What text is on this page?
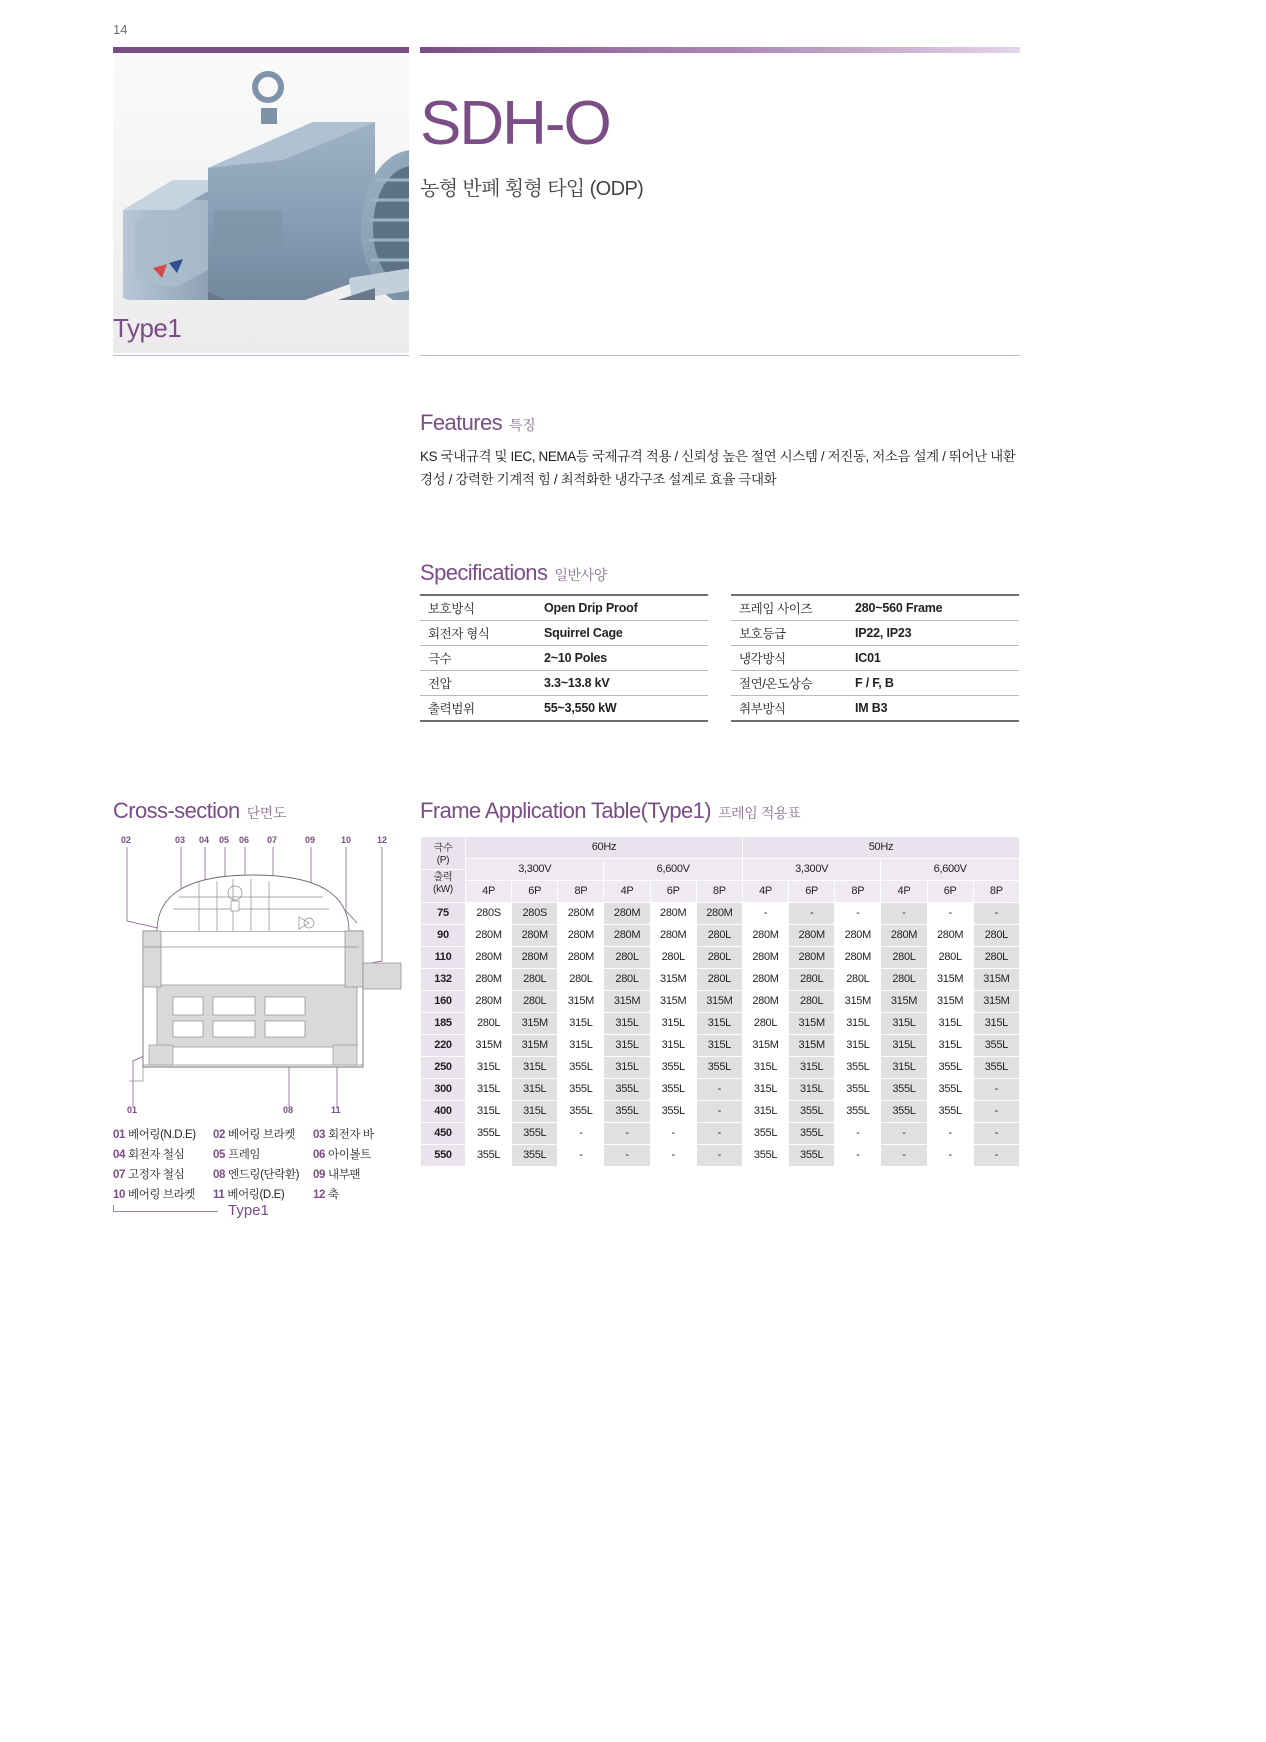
14
Type1
SDH-O
농형 반폐 횡형 타입 (ODP)
Features 특징
KS 국내규격 및 IEC, NEMA등 국제규격 적용 / 신뢰성 높은 절연 시스템 / 저진동, 저소음 설계 / 뛰어난 내환경성 / 강력한 기계적 힘 / 최적화한 냉각구조 설계로 효율 극대화
Specifications 일반사양
보호방식	Open Drip Proof
회전자 형식	Squirrel Cage
극수	2~10 Poles
전압	3.3~13.8 kV
출력범위	55~3,550 kW
프레임 사이즈	280~560 Frame
보호등급	IP22, IP23
냉각방식	IC01
절연/온도상승	F / F, B
취부방식	IM B3
Cross-section 단면도
02	03 04 05 06 07	09	10	12
01	08	11
01 베어링(N.D.E)	02 베어링 브라켓	03 회전자 바
04 회전자 철심	05 프레임	06 아이볼트
07 고정자 철심	08 엔드링(단락환)	09 내부팬
10 베어링 브라켓	11 베어링(D.E)	12 축
Type1
Frame Application Table(Type1) 프레임 적용표
극수
(P)
출력
(kW)	60Hz						50Hz					
	3,300V			6,600V			3,300V			6,600V		
	4P	6P	8P	4P	6P	8P	4P	6P	8P	4P	6P	8P
75	280S	280S	280M	280M	280M	280M	-	-	-	-	-	-
90	280M	280M	280M	280M	280M	280L	280M	280M	280M	280M	280M	280L
110	280M	280M	280M	280L	280L	280L	280M	280M	280M	280L	280L	280L
132	280M	280L	280L	280L	315M	280L	280M	280L	280L	280L	315M	315M
160	280M	280L	315M	315M	315M	315M	280M	280L	315M	315M	315M	315M
185	280L	315M	315L	315L	315L	315L	280L	315M	315L	315L	315L	315L
220	315M	315M	315L	315L	315L	315L	315M	315M	315L	315L	315L	355L
250	315L	315L	355L	315L	355L	355L	315L	315L	355L	315L	355L	355L
300	315L	315L	355L	355L	355L	-	315L	315L	355L	355L	355L	-
400	315L	315L	355L	355L	355L	-	315L	355L	355L	355L	355L	-
450	355L	355L	-	-	-	-	355L	355L	-	-	-	-
550	355L	355L	-	-	-	-	355L	355L	-	-	-	-
